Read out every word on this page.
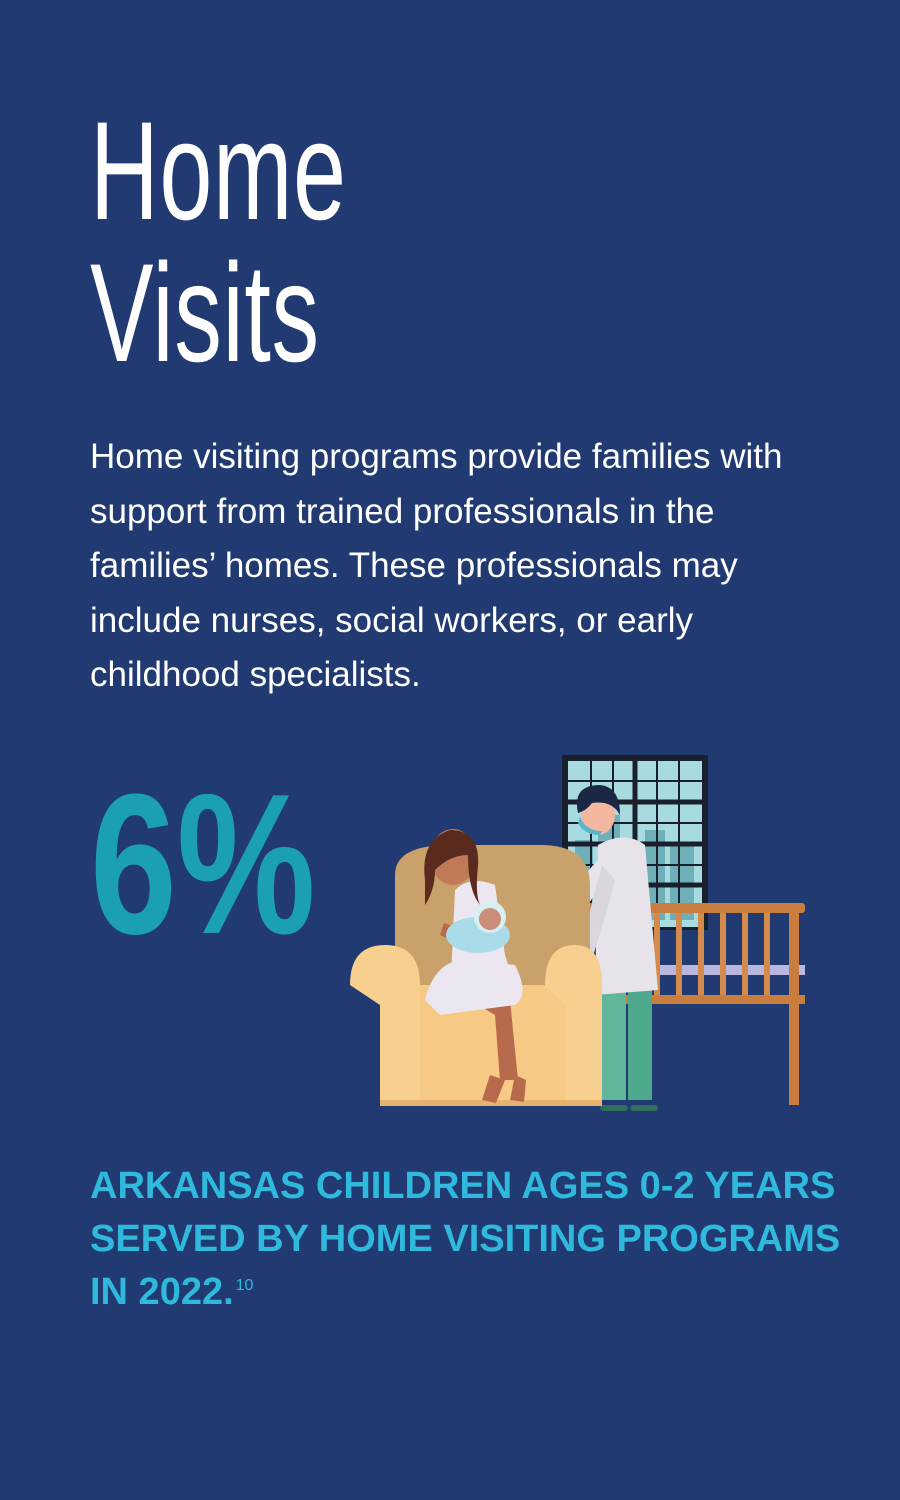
Home
Visits

Home visiting programs provide families with support from trained professionals in the families’ homes. These professionals may include nurses, social workers, or early childhood specialists.

6%

ARKANSAS CHILDREN AGES 0-2 YEARS SERVED BY HOME VISITING PROGRAMS IN 2022. $^{10}$
